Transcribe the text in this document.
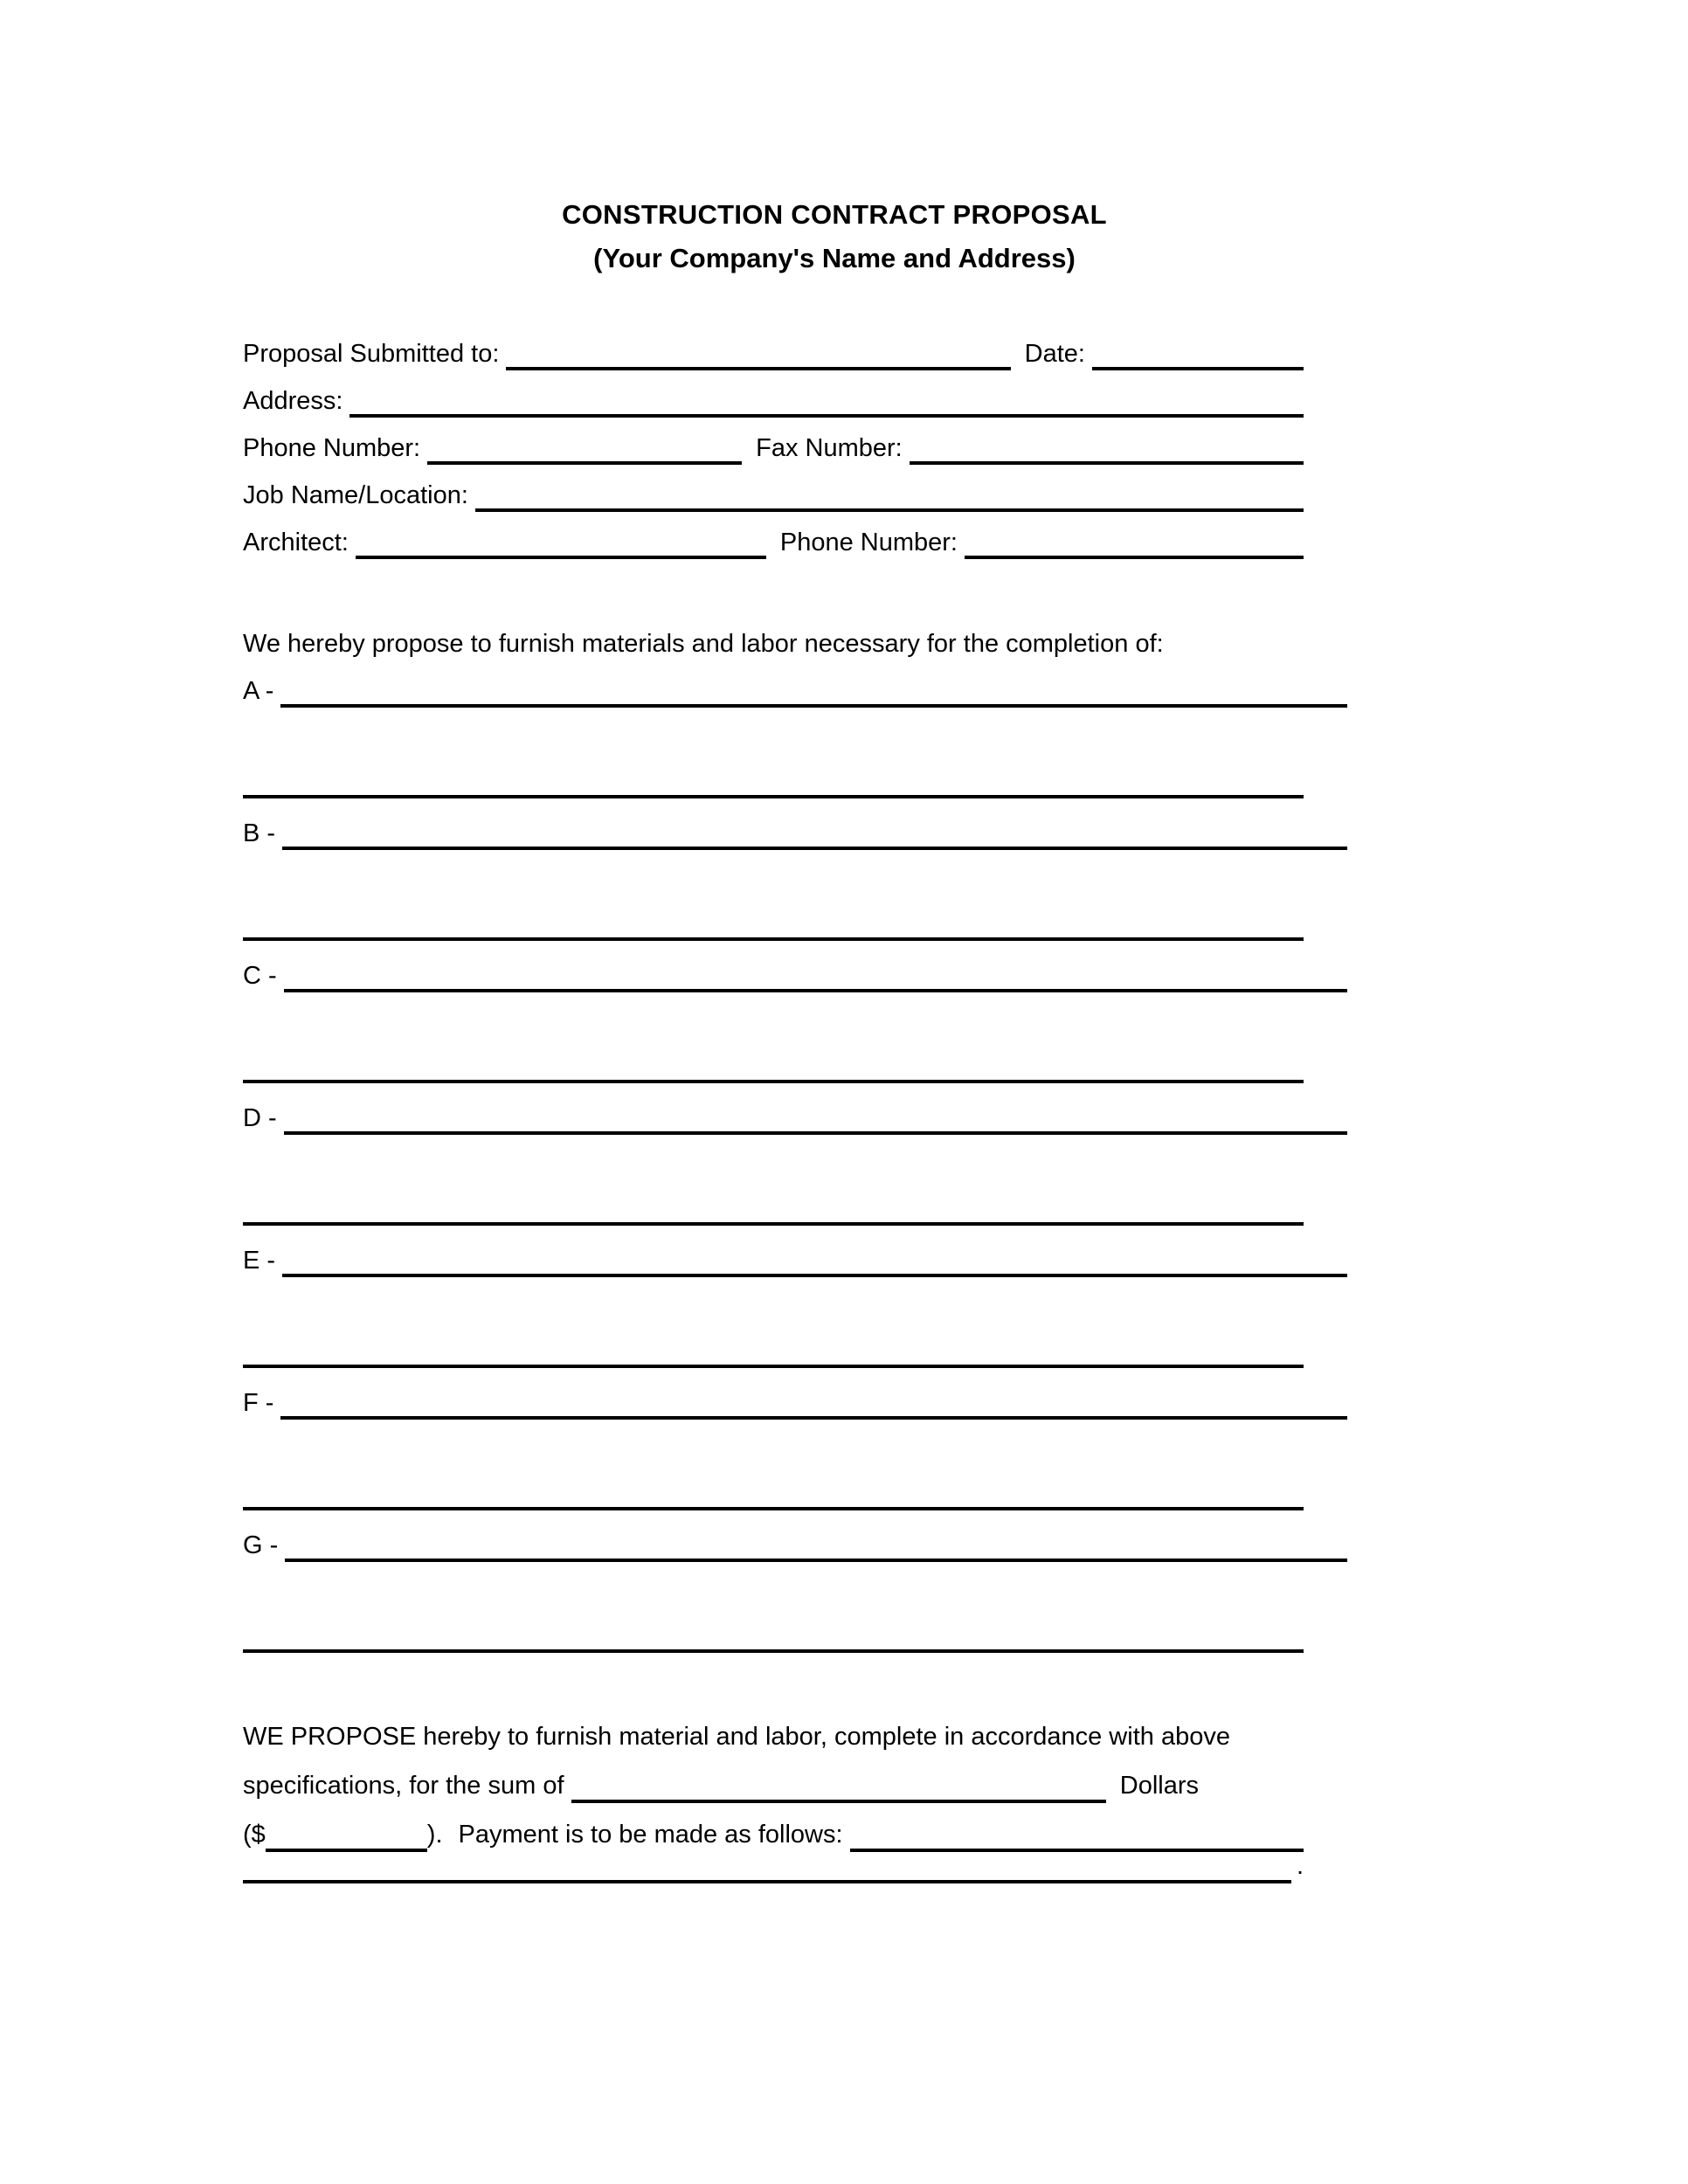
CONSTRUCTION CONTRACT PROPOSAL
(Your Company's Name and Address)
Proposal Submitted to:	Date:
Address:
Phone Number:	Fax Number:
Job Name/Location:
Architect:	Phone Number:
We hereby propose to furnish materials and labor necessary for the completion of:
A -
B -
C -
D -
E -
F -
G -
WE PROPOSE hereby to furnish material and labor, complete in accordance with above
specifications, for the sum of	Dollars
($	). Payment is to be made as follows:
.
